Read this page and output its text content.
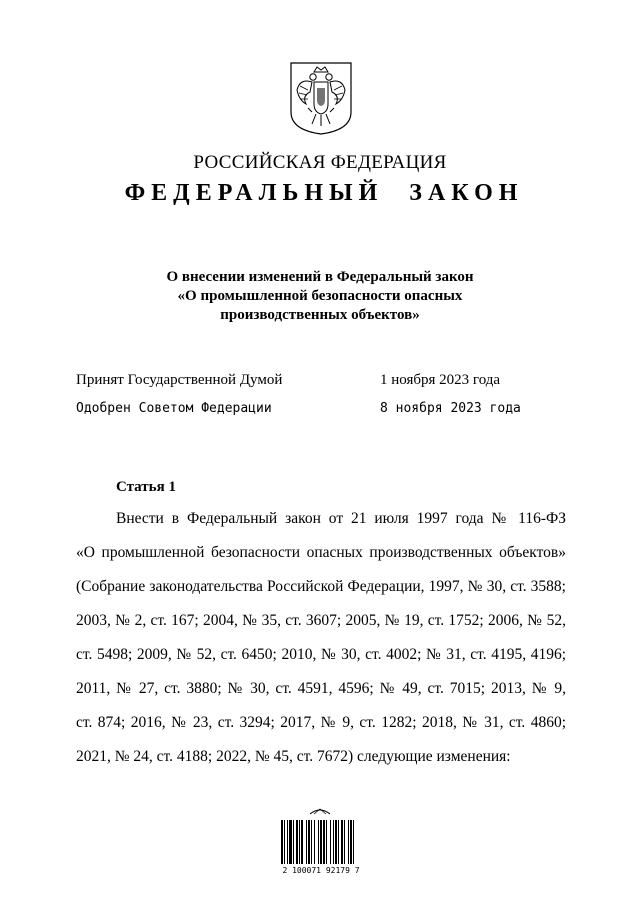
РОССИЙСКАЯ ФЕДЕРАЦИЯ
ФЕДЕРАЛЬНЫЙ ЗАКОН
О внесении изменений в Федеральный закон
«О промышленной безопасности опасных
производственных объектов»
Принят Государственной Думой	1 ноября 2023 года
Одобрен Советом Федерации	8 ноября 2023 года
Статья 1
Внести в Федеральный закон от 21 июля 1997 года № 116-ФЗ
«О промышленной безопасности опасных производственных объектов»
(Собрание законодательства Российской Федерации, 1997, № 30, ст. 3588;
2003, № 2, ст. 167; 2004, № 35, ст. 3607; 2005, № 19, ст. 1752; 2006, № 52,
ст. 5498; 2009, № 52, ст. 6450; 2010, № 30, ст. 4002; № 31, ст. 4195, 4196;
2011, № 27, ст. 3880; № 30, ст. 4591, 4596; № 49, ст. 7015; 2013, № 9,
ст. 874; 2016, № 23, ст. 3294; 2017, № 9, ст. 1282; 2018, № 31, ст. 4860;
2021, № 24, ст. 4188; 2022, № 45, ст. 7672) следующие изменения:
2 100071 92179 7
